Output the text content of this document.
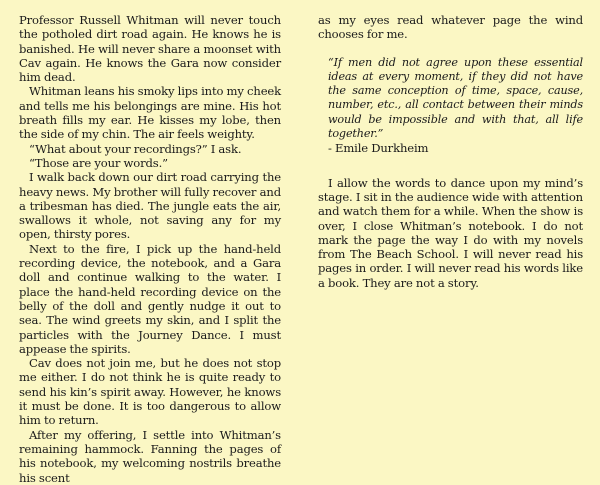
Professor Russell Whitman will never touch the potholed dirt road again. He knows he is banished. He will never share a moonset with Cav again. He knows the Gara now consider him dead.

Whitman leans his smoky lips into my cheek and tells me his belongings are mine. His hot breath fills my ear. He kisses my lobe, then the side of my chin. The air feels weighty.

“What about your recordings?” I ask.

“Those are your words.”

I walk back down our dirt road carrying the heavy news. My brother will fully recover and a tribesman has died. The jungle eats the air, swallows it whole, not saving any for my open, thirsty pores.

Next to the fire, I pick up the hand-held recording device, the notebook, and a Gara doll and continue walking to the water. I place the hand-held recording device on the belly of the doll and gently nudge it out to sea. The wind greets my skin, and I split the particles with the Journey Dance. I must appease the spirits.

Cav does not join me, but he does not stop me either. I do not think he is quite ready to send his kin’s spirit away. However, he knows it must be done. It is too dangerous to allow him to return.

After my offering, I settle into Whitman’s remaining hammock. Fanning the pages of his notebook, my welcoming nostrils breathe his scent

as my eyes read whatever page the wind chooses for me.

“If men did not agree upon these essential ideas at every moment, if they did not have the same conception of time, space, cause, number, etc., all contact between their minds would be impossible and with that, all life together.”

- Emile Durkheim

I allow the words to dance upon my mind’s stage. I sit in the audience wide with attention and watch them for a while. When the show is over, I close Whitman’s notebook. I do not mark the page the way I do with my novels from The Beach School. I will never read his pages in order. I will never read his words like a book. They are not a story.
